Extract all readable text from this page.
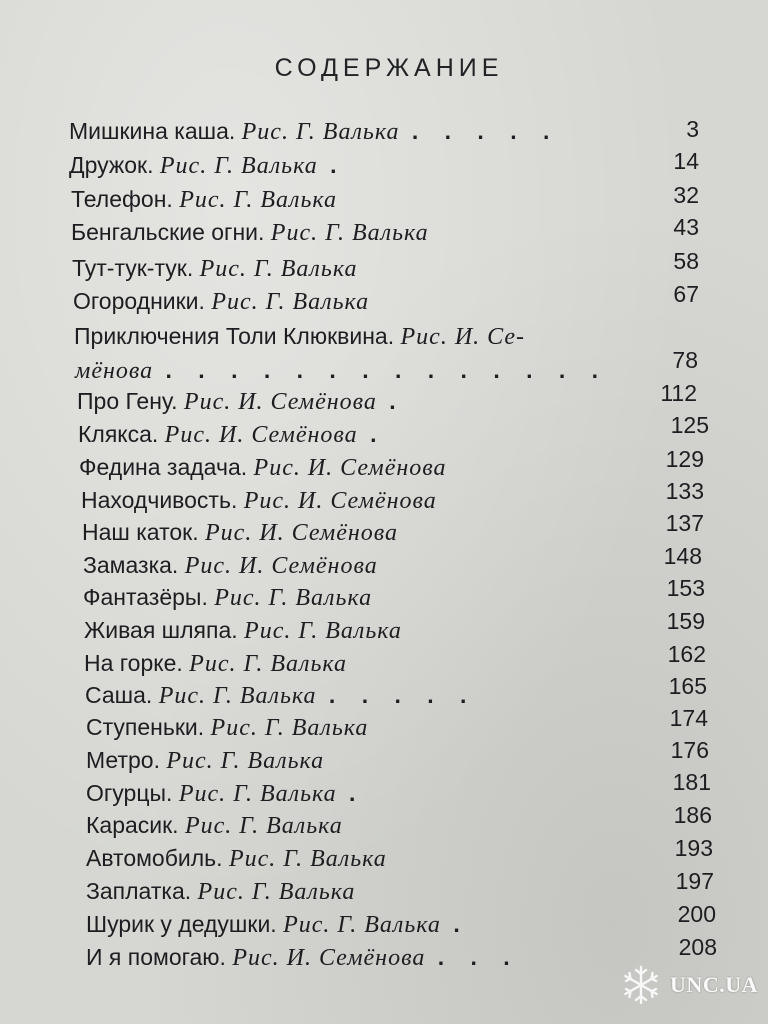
СОДЕРЖАНИЕ
Мишкина каша. Рис. Г. Валька . . . . .	3
Дружок. Рис. Г. Валька .	14
Телефон. Рис. Г. Валька	32
Бенгальские огни. Рис. Г. Валька	43
Тут-тук-тук. Рис. Г. Валька	58
Огородники. Рис. Г. Валька	67
Приключения Толи Клюквина. Рис. И. Се-
мёнова . . . . . . . . . . . . . .	78
Про Гену. Рис. И. Семёнова .	112
Клякса. Рис. И. Семёнова .	125
Федина задача. Рис. И. Семёнова	129
Находчивость. Рис. И. Семёнова	133
Наш каток. Рис. И. Семёнова	137
Замазка. Рис. И. Семёнова	148
Фантазёры. Рис. Г. Валька	153
Живая шляпа. Рис. Г. Валька	159
На горке. Рис. Г. Валька	162
Саша. Рис. Г. Валька . . . . .	165
Ступеньки. Рис. Г. Валька	174
Метро. Рис. Г. Валька	176
Огурцы. Рис. Г. Валька .	181
Карасик. Рис. Г. Валька	186
Автомобиль. Рис. Г. Валька	193
Заплатка. Рис. Г. Валька	197
Шурик у дедушки. Рис. Г. Валька .	200
И я помогаю. Рис. И. Семёнова . . .	208
UNC.UA
